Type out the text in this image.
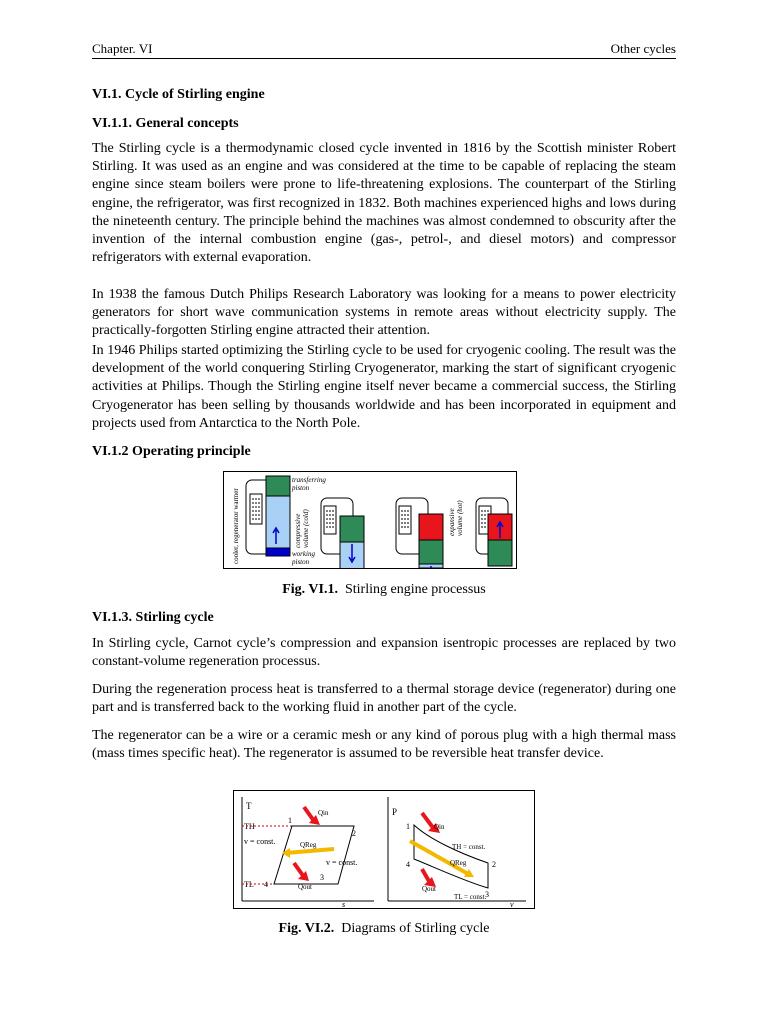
Chapter. VI	Other cycles
VI.1. Cycle of Stirling engine
VI.1.1. General concepts

The Stirling cycle is a thermodynamic closed cycle invented in 1816 by the Scottish minister Robert Stirling. It was used as an engine and was considered at the time to be capable of replacing the steam engine since steam boilers were prone to life-threatening explosions. The counterpart of the Stirling engine, the refrigerator, was first recognized in 1832. Both machines experienced highs and lows during the nineteenth century. The principle behind the machines was almost condemned to obscurity after the invention of the internal combustion engine (gas-, petrol-, and diesel motors) and compressor refrigerators with external evaporation.

In 1938 the famous Dutch Philips Research Laboratory was looking for a means to power electricity generators for short wave communication systems in remote areas without electricity supply. The practically-forgotten Stirling engine attracted their attention.

In 1946 Philips started optimizing the Stirling cycle to be used for cryogenic cooling. The result was the development of the world conquering Stirling Cryogenerator, marking the start of significant cryogenic activities at Philips. Though the Stirling engine itself never became a commercial success, the Stirling Cryogenerator has been selling by thousands worldwide and has been incorporated in equipment and projects used from Antarctica to the North Pole.

VI.1.2 Operating principle
cooler, regenerator warmer
transferring
piston
compressive volume (cold)
working
piston
expansive volume (hot)
Fig. VI.1. Stirling engine processus
VI.1.3. Stirling cycle

In Stirling cycle, Carnot cycle’s compression and expansion isentropic processes are replaced by two constant-volume regeneration processus.

During the regeneration process heat is transferred to a thermal storage device (regenerator) during one part and is transferred back to the working fluid in another part of the cycle.

The regenerator can be a wire or a ceramic mesh or any kind of porous plug with a high thermal mass (mass times specific heat). The regenerator is assumed to be reversible heat transfer device.

T
s
TH
TL
1
2
3
4
v = const.
v = const.
Qin
QReg
Qout
P
v
1
2
3
4
TH = const.
TL = const.
Qin
QReg
Qout
Fig. VI.2. Diagrams of Stirling cycle
